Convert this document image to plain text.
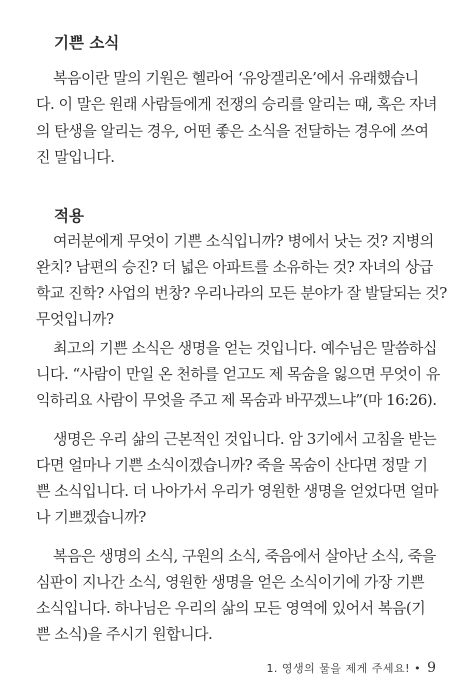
기쁜 소식
복음이란 말의 기원은 헬라어 ‘유앙겔리온’에서 유래했습니
다. 이 말은 원래 사람들에게 전쟁의 승리를 알리는 때, 혹은 자녀
의 탄생을 알리는 경우, 어떤 좋은 소식을 전달하는 경우에 쓰여
진 말입니다.
적용
여러분에게 무엇이 기쁜 소식입니까? 병에서 낫는 것? 지병의
완치? 남편의 승진? 더 넓은 아파트를 소유하는 것? 자녀의 상급
학교 진학? 사업의 번창? 우리나라의 모든 분야가 잘 발달되는 것?
무엇입니까?
최고의 기쁜 소식은 생명을 얻는 것입니다. 예수님은 말씀하십
니다. “사람이 만일 온 천하를 얻고도 제 목숨을 잃으면 무엇이 유
익하리요 사람이 무엇을 주고 제 목숨과 바꾸겠느냐”(마 16:26).
생명은 우리 삶의 근본적인 것입니다. 암 3기에서 고침을 받는
다면 얼마나 기쁜 소식이겠습니까? 죽을 목숨이 산다면 정말 기
쁜 소식입니다. 더 나아가서 우리가 영원한 생명을 얻었다면 얼마
나 기쁘겠습니까?
복음은 생명의 소식, 구원의 소식, 죽음에서 살아난 소식, 죽을
심판이 지나간 소식, 영원한 생명을 얻은 소식이기에 가장 기쁜
소식입니다. 하나님은 우리의 삶의 모든 영역에 있어서 복음(기
쁜 소식)을 주시기 원합니다.
1. 영생의 물을 제게 주세요! • 9
